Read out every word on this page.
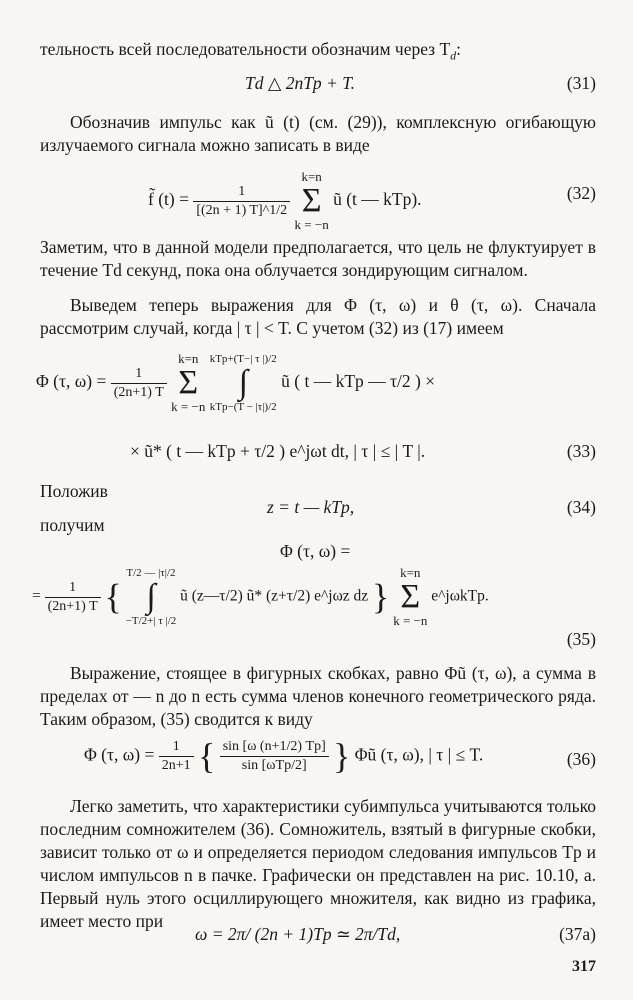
тельность всей последовательности обозначим через $T_d$:

Td △ 2nTp + T.	(31)

Обозначив импульс как ũ (t) (см. (29)), комплексную огибающую излучаемого сигнала можно записать в виде

f̃ $(t) = \frac{1}{[(2n + 1) T]\^{}1/2}$
k=n
Σ
k = −n ũ (t — kTp).	(32)

Заметим, что в данной модели предполагается, что цель не флуктуирует в течение Td секунд, пока она облучается зондирующим сигналом.

Выведем теперь выражения для Φ (τ, ω) и θ (τ, ω). Сначала рассмотрим случай, когда | τ | < T. С учетом (32) из (17) имеем

Φ (τ, $\omega) = \frac{1}{(2n+1) T}$
k=n
Σ
k = −n kTp+(T−| τ |)/2
∫
kTp−(T − |τ|)/2 ũ ( t — kTp — τ/2 ) ×
× ũ* ( t — kTp + τ/2 ) e^jωt dt, | τ | ≤ | T |.	(33)

Положив

z = t — kTp,	(34)

получим

Φ (τ, ω) =
= $\frac{1}{(2n+1) T}$ { T/2 — |τ|/2
∫
−T/2+| τ |/2 ũ (z—τ/2) ũ* (z+τ/2) e^jωz dz } k=n
Σ
k = −n e^jωkTp.
(35)

Выражение, стоящее в фигурных скобках, равно Φũ (τ, ω), а сумма в пределах от — n до n есть сумма членов конечного геометрического ряда. Таким образом, (35) сводится к виду

Φ (τ, $\omega) = \frac{1}{2n+1}$ { $\frac{\sin [\omega (n+1/2) Tp]}{\text{sin [ωTp/2]}}$ } Φũ (τ, ω), | τ | ≤ T.	(36)

Легко заметить, что характеристики субимпульса учитываются только последним сомножителем (36). Сомножитель, взятый в фигурные скобки, зависит только от ω и определяется периодом следования импульсов Tp и числом импульсов n в пачке. Графически он представлен на рис. 10.10, a. Первый нуль этого осциллирующего множителя, как видно из графика, имеет место при

ω = 2π/ (2n + 1)Tp ≃ 2π/Td,	(37a)
317
